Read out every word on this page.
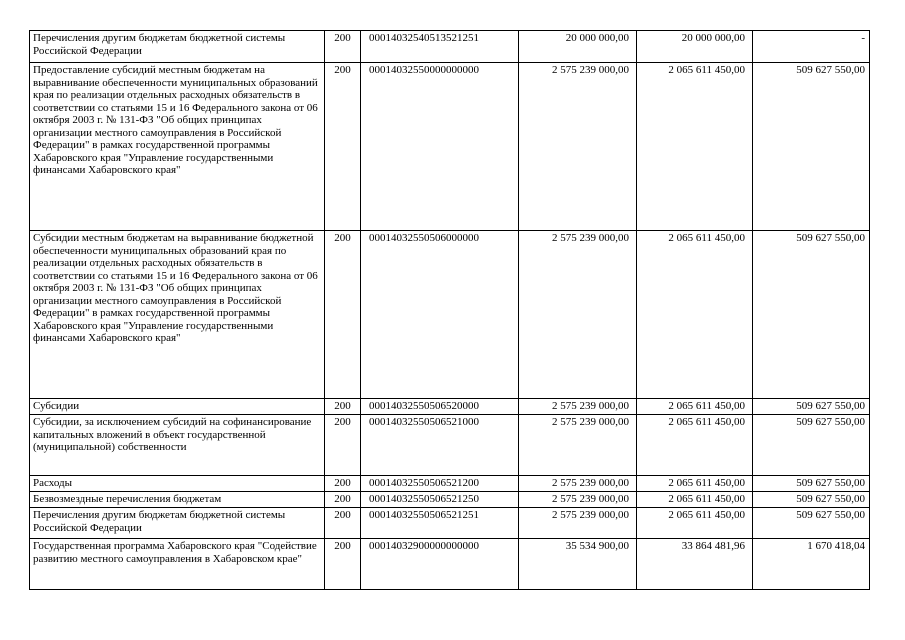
Перечисления другим бюджетам бюджетной системы Российской Федерации	200	00014032540513521251	20 000 000,00	20 000 000,00	-
Предоставление субсидий местным бюджетам на выравнивание обеспеченности муниципальных образований края по реализации отдельных расходных обязательств в соответствии со статьями 15 и 16 Федерального закона от 06 октября 2003 г. № 131-ФЗ "Об общих принципах организации местного самоуправления в Российской Федерации" в рамках государственной программы Хабаровского края "Управление государственными финансами Хабаровского края"	200	00014032550000000000	2 575 239 000,00	2 065 611 450,00	509 627 550,00
Субсидии местным бюджетам на выравнивание бюджетной обеспеченности муниципальных образований края по реализации отдельных расходных обязательств в соответствии со статьями 15 и 16 Федерального закона от 06 октября 2003 г. № 131-ФЗ "Об общих принципах организации местного самоуправления в Российской Федерации" в рамках государственной программы Хабаровского края "Управление государственными финансами Хабаровского края"	200	00014032550506000000	2 575 239 000,00	2 065 611 450,00	509 627 550,00
Субсидии	200	00014032550506520000	2 575 239 000,00	2 065 611 450,00	509 627 550,00
Субсидии, за исключением субсидий на софинансирование капитальных вложений в объект государственной (муниципальной) собственности	200	00014032550506521000	2 575 239 000,00	2 065 611 450,00	509 627 550,00
Расходы	200	00014032550506521200	2 575 239 000,00	2 065 611 450,00	509 627 550,00
Безвозмездные перечисления бюджетам	200	00014032550506521250	2 575 239 000,00	2 065 611 450,00	509 627 550,00
Перечисления другим бюджетам бюджетной системы Российской Федерации	200	00014032550506521251	2 575 239 000,00	2 065 611 450,00	509 627 550,00
Государственная программа Хабаровского края "Содействие развитию местного самоуправления в Хабаровском крае"	200	00014032900000000000	35 534 900,00	33 864 481,96	1 670 418,04
